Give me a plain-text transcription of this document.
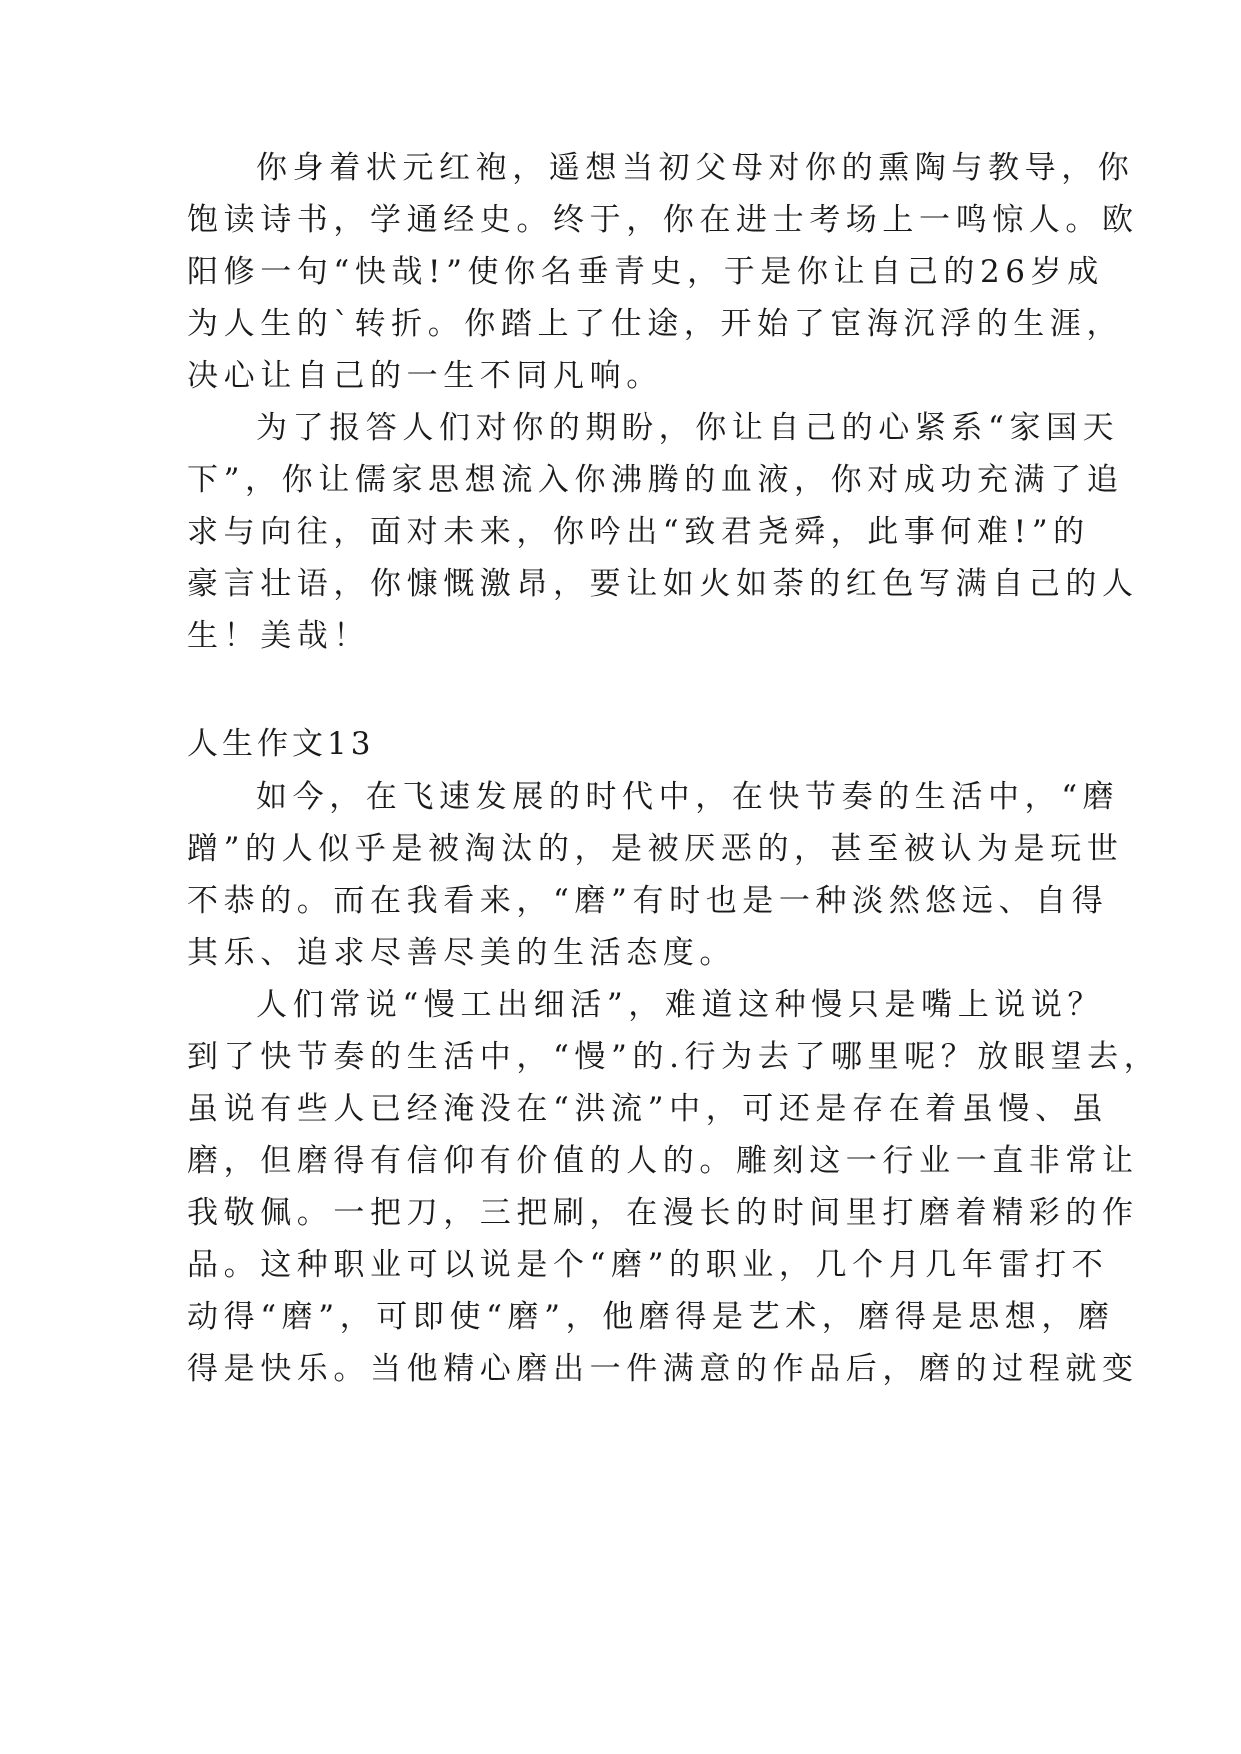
你身着状元红袍，遥想当初父母对你的熏陶与教导，你
饱读诗书，学通经史。终于，你在进士考场上一鸣惊人。欧
阳修一句“快哉!”使你名垂青史，于是你让自己的26岁成
为人生的`转折。你踏上了仕途，开始了宦海沉浮的生涯，
决心让自己的一生不同凡响。
为了报答人们对你的期盼，你让自己的心紧系“家国天
下”，你让儒家思想流入你沸腾的血液，你对成功充满了追
求与向往，面对未来，你吟出“致君尧舜，此事何难!”的
豪言壮语，你慷慨激昂，要让如火如荼的红色写满自己的人
生！美哉！
人生作文13
如今，在飞速发展的时代中，在快节奏的生活中，“磨
蹭”的人似乎是被淘汰的，是被厌恶的，甚至被认为是玩世
不恭的。而在我看来，“磨”有时也是一种淡然悠远、自得
其乐、追求尽善尽美的生活态度。
人们常说“慢工出细活”，难道这种慢只是嘴上说说？
到了快节奏的生活中，“慢”的.行为去了哪里呢？放眼望去，
虽说有些人已经淹没在“洪流”中，可还是存在着虽慢、虽
磨，但磨得有信仰有价值的人的。雕刻这一行业一直非常让
我敬佩。一把刀，三把刷，在漫长的时间里打磨着精彩的作
品。这种职业可以说是个“磨”的职业，几个月几年雷打不
动得“磨”，可即使“磨”，他磨得是艺术，磨得是思想，磨
得是快乐。当他精心磨出一件满意的作品后，磨的过程就变
